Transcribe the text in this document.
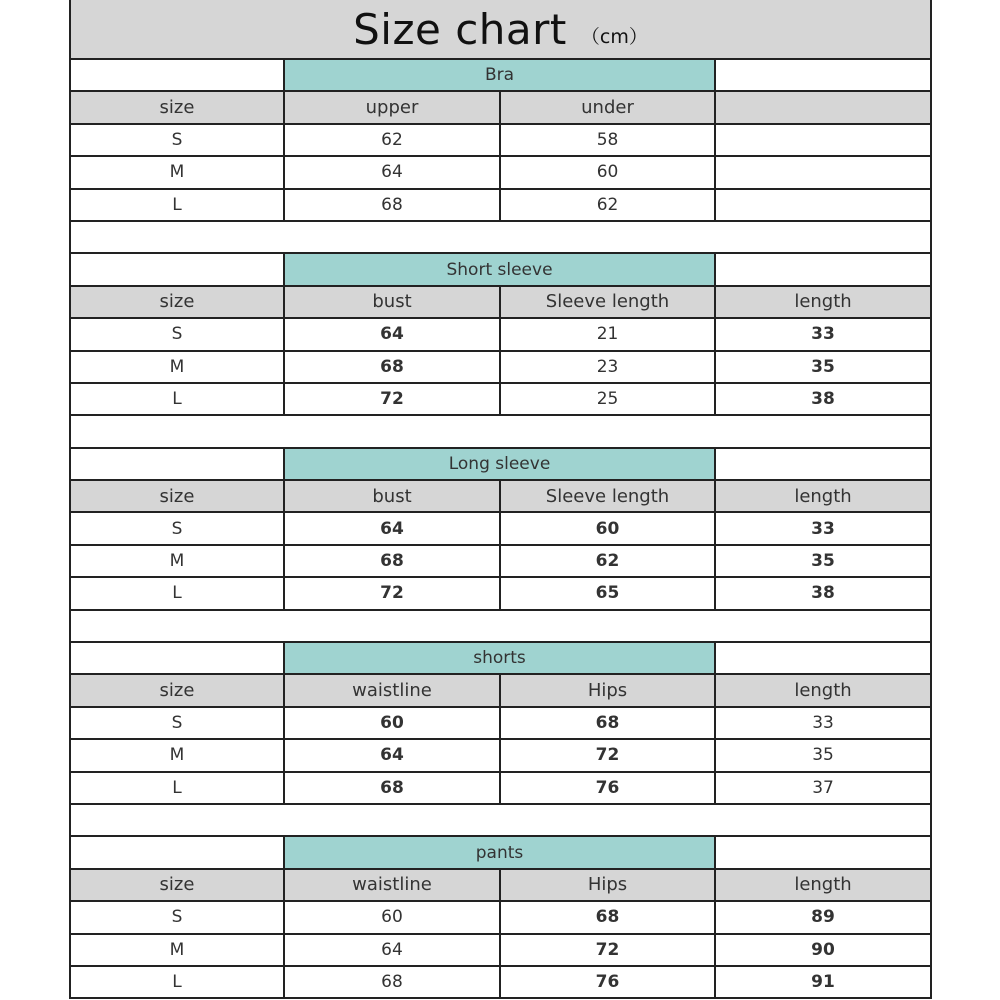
Size chart （cm）
	Bra		
size	upper	under	
S	62	58	
M	64	60	
L	68	62	

	Short sleeve		
size	bust	Sleeve length	length
S	64	21	33
M	68	23	35
L	72	25	38

	Long sleeve		
size	bust	Sleeve length	length
S	64	60	33
M	68	62	35
L	72	65	38

	shorts		
size	waistline	Hips	length
S	60	68	33
M	64	72	35
L	68	76	37

	pants		
size	waistline	Hips	length
S	60	68	89
M	64	72	90
L	68	76	91
